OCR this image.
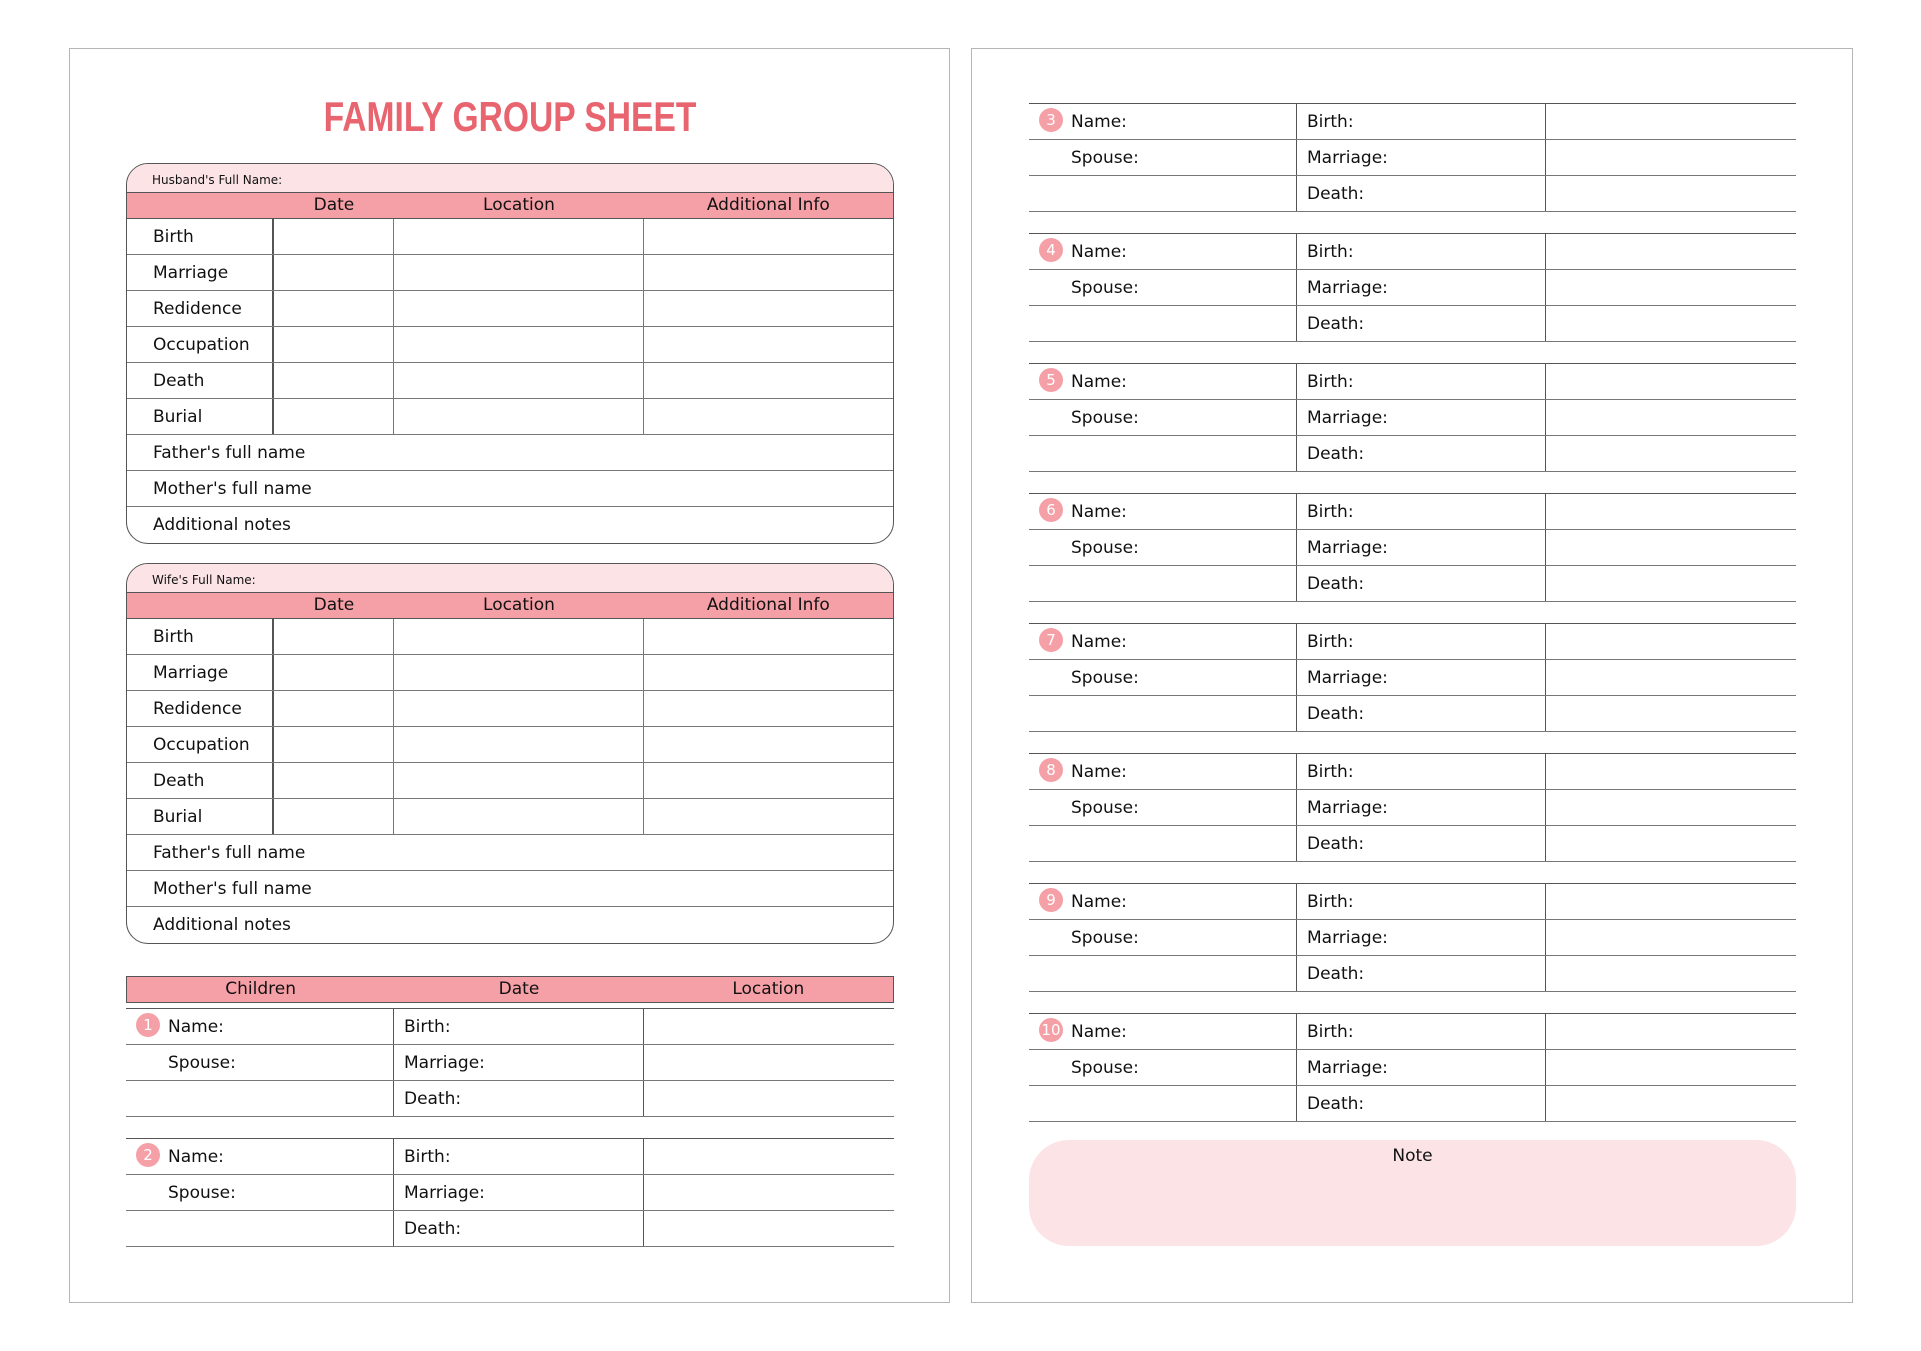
FAMILY GROUP SHEET
Husband's Full Name:
Date	Location	Additional Info
Birth
Marriage
Redidence
Occupation
Death
Burial
Father's full name
Mother's full name
Additional notes
Wife's Full Name:
Date	Location	Additional Info
Birth
Marriage
Redidence
Occupation
Death
Burial
Father's full name
Mother's full name
Additional notes
Children	Date	Location
1 Name:	Birth:
Spouse:	Marriage:
Death:
2 Name:	Birth:
Spouse:	Marriage:
Death:
3 Name:	Birth:
Spouse:	Marriage:
Death:
4 Name:	Birth:
Spouse:	Marriage:
Death:
5 Name:	Birth:
Spouse:	Marriage:
Death:
6 Name:	Birth:
Spouse:	Marriage:
Death:
7 Name:	Birth:
Spouse:	Marriage:
Death:
8 Name:	Birth:
Spouse:	Marriage:
Death:
9 Name:	Birth:
Spouse:	Marriage:
Death:
10 Name:	Birth:
Spouse:	Marriage:
Death:
Note
